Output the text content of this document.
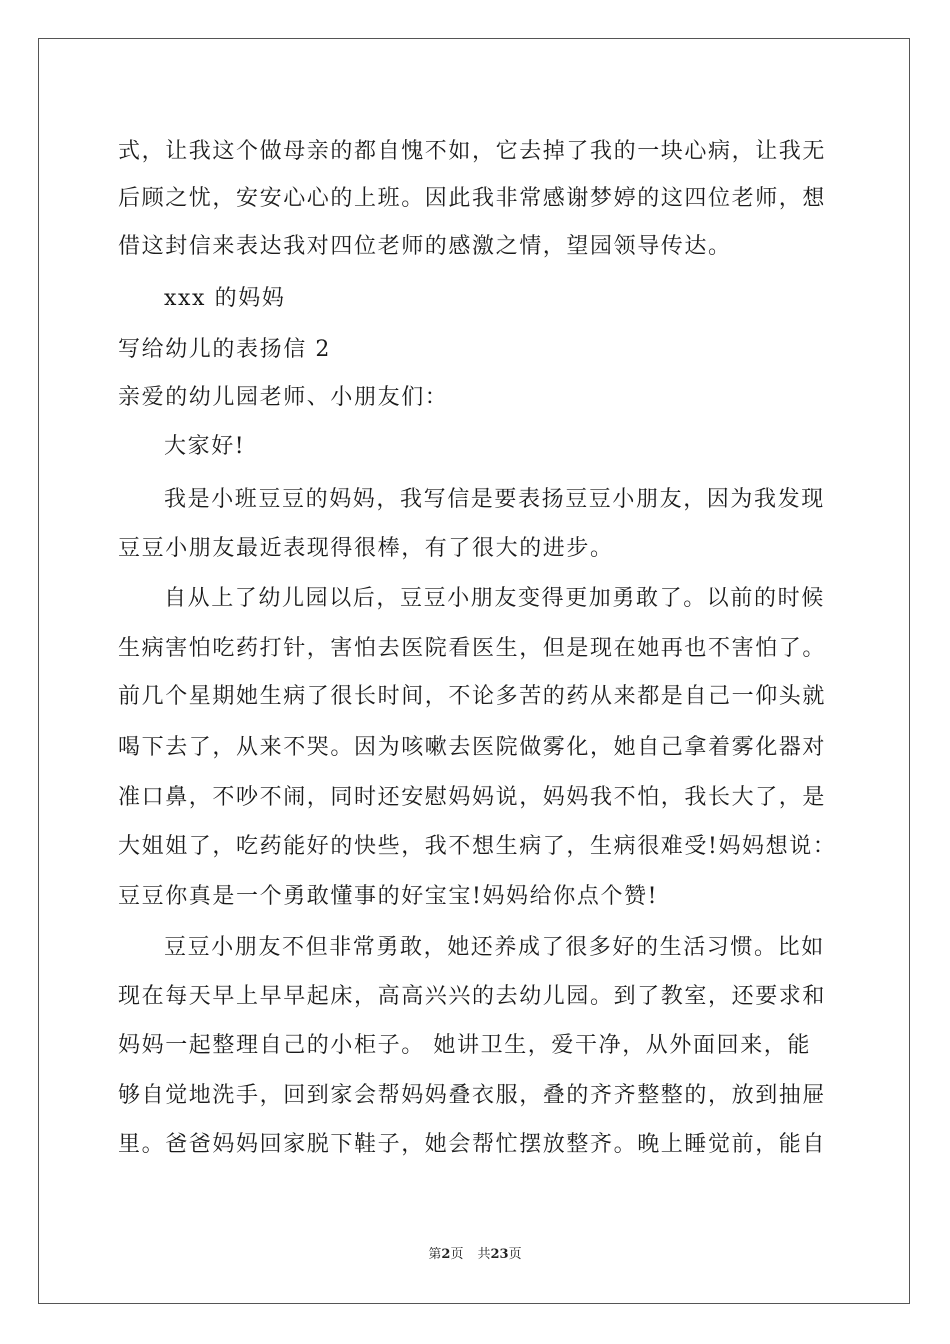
式，让我这个做母亲的都自愧不如，它去掉了我的一块心病，让我无
后顾之忧，安安心心的上班。因此我非常感谢梦婷的这四位老师，想
借这封信来表达我对四位老师的感激之情，望园领导传达。
xxx 的妈妈
写给幼儿的表扬信 2
亲爱的幼儿园老师、小朋友们：
大家好!
我是小班豆豆的妈妈，我写信是要表扬豆豆小朋友，因为我发现
豆豆小朋友最近表现得很棒，有了很大的进步。
自从上了幼儿园以后，豆豆小朋友变得更加勇敢了。以前的时候
生病害怕吃药打针，害怕去医院看医生，但是现在她再也不害怕了。
前几个星期她生病了很长时间，不论多苦的药从来都是自己一仰头就
喝下去了，从来不哭。因为咳嗽去医院做雾化，她自己拿着雾化器对
准口鼻，不吵不闹，同时还安慰妈妈说，妈妈我不怕，我长大了，是
大姐姐了，吃药能好的快些，我不想生病了，生病很难受!妈妈想说：
豆豆你真是一个勇敢懂事的好宝宝!妈妈给你点个赞!
豆豆小朋友不但非常勇敢，她还养成了很多好的生活习惯。比如
现在每天早上早早起床，高高兴兴的去幼儿园。到了教室，还要求和
妈妈一起整理自己的小柜子。 她讲卫生，爱干净，从外面回来，能
够自觉地洗手，回到家会帮妈妈叠衣服，叠的齐齐整整的，放到抽屉
里。爸爸妈妈回家脱下鞋子，她会帮忙摆放整齐。晚上睡觉前，能自
第2页 共23页
